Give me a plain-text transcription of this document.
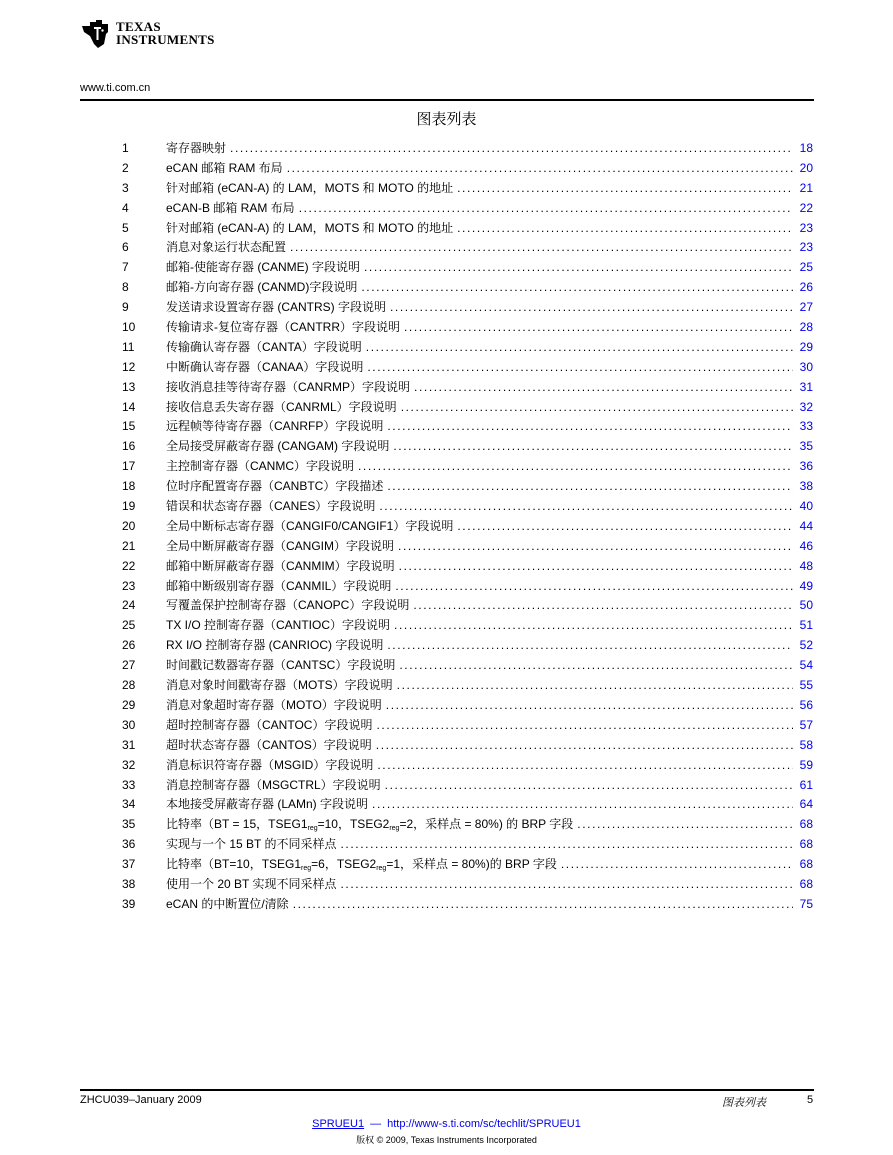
TEXAS
INSTRUMENTS
www.ti.com.cn
图表列表
1	寄存器映射 .....	18
2	eCAN 邮箱 RAM 布局 .....	20
3	针对邮箱 (eCAN-A) 的 LAM，MOTS 和 MOTO 的地址 .....	21
4	eCAN-B 邮箱 RAM 布局 .....	22
5	针对邮箱 (eCAN-A) 的 LAM，MOTS 和 MOTO 的地址 .....	23
6	消息对象运行状态配置 .....	23
7	邮箱-使能寄存器 (CANME) 字段说明 .....	25
8	邮箱-方向寄存器 (CANMD)字段说明 .....	26
9	发送请求设置寄存器 (CANTRS) 字段说明 .....	27
10	传输请求-复位寄存器（CANTRR）字段说明 .....	28
11	传输确认寄存器（CANTA）字段说明 .....	29
12	中断确认寄存器（CANAA）字段说明 .....	30
13	接收消息挂等待寄存器（CANRMP）字段说明 .....	31
14	接收信息丢失寄存器（CANRML）字段说明 .....	32
15	远程帧等待寄存器（CANRFP）字段说明 .....	33
16	全局接受屏蔽寄存器 (CANGAM) 字段说明 .....	35
17	主控制寄存器（CANMC）字段说明 .....	36
18	位时序配置寄存器（CANBTC）字段描述 .....	38
19	错误和状态寄存器（CANES）字段说明 .....	40
20	全局中断标志寄存器（CANGIF0/CANGIF1）字段说明 .....	44
21	全局中断屏蔽寄存器（CANGIM）字段说明 .....	46
22	邮箱中断屏蔽寄存器（CANMIM）字段说明 .....	48
23	邮箱中断级别寄存器（CANMIL）字段说明 .....	49
24	写覆盖保护控制寄存器（CANOPC）字段说明 .....	50
25	TX I/O 控制寄存器（CANTIOC）字段说明 .....	51
26	RX I/O 控制寄存器 (CANRIOC) 字段说明 .....	52
27	时间戳记数器寄存器（CANTSC）字段说明 .....	54
28	消息对象时间戳寄存器（MOTS）字段说明 .....	55
29	消息对象超时寄存器（MOTO）字段说明 .....	56
30	超时控制寄存器（CANTOC）字段说明 .....	57
31	超时状态寄存器（CANTOS）字段说明 .....	58
32	消息标识符寄存器（MSGID）字段说明 .....	59
33	消息控制寄存器（MSGCTRL）字段说明 .....	61
34	本地接受屏蔽寄存器 (LAMn) 字段说明 .....	64
35	比特率（BT = 15，$TSEG1_{reg}=10$，$TSEG2_{reg}=2$，采样点 = 80%) 的 BRP 字段 .....	68
36	实现与一个 15 BT 的不同采样点 .....	68
37	比特率（BT=10，$TSEG1_{reg}=6$，$TSEG2_{reg}=1$，采样点 = 80%)的 BRP 字段 .....	68
38	使用一个 20 BT 实现不同采样点 .....	68
39	eCAN 的中断置位/清除 .....	75
ZHCU039–January 2009	图表列表	5
SPRUEU1 — http://www-s.ti.com/sc/techlit/SPRUEU1
版权 © 2009, Texas Instruments Incorporated
